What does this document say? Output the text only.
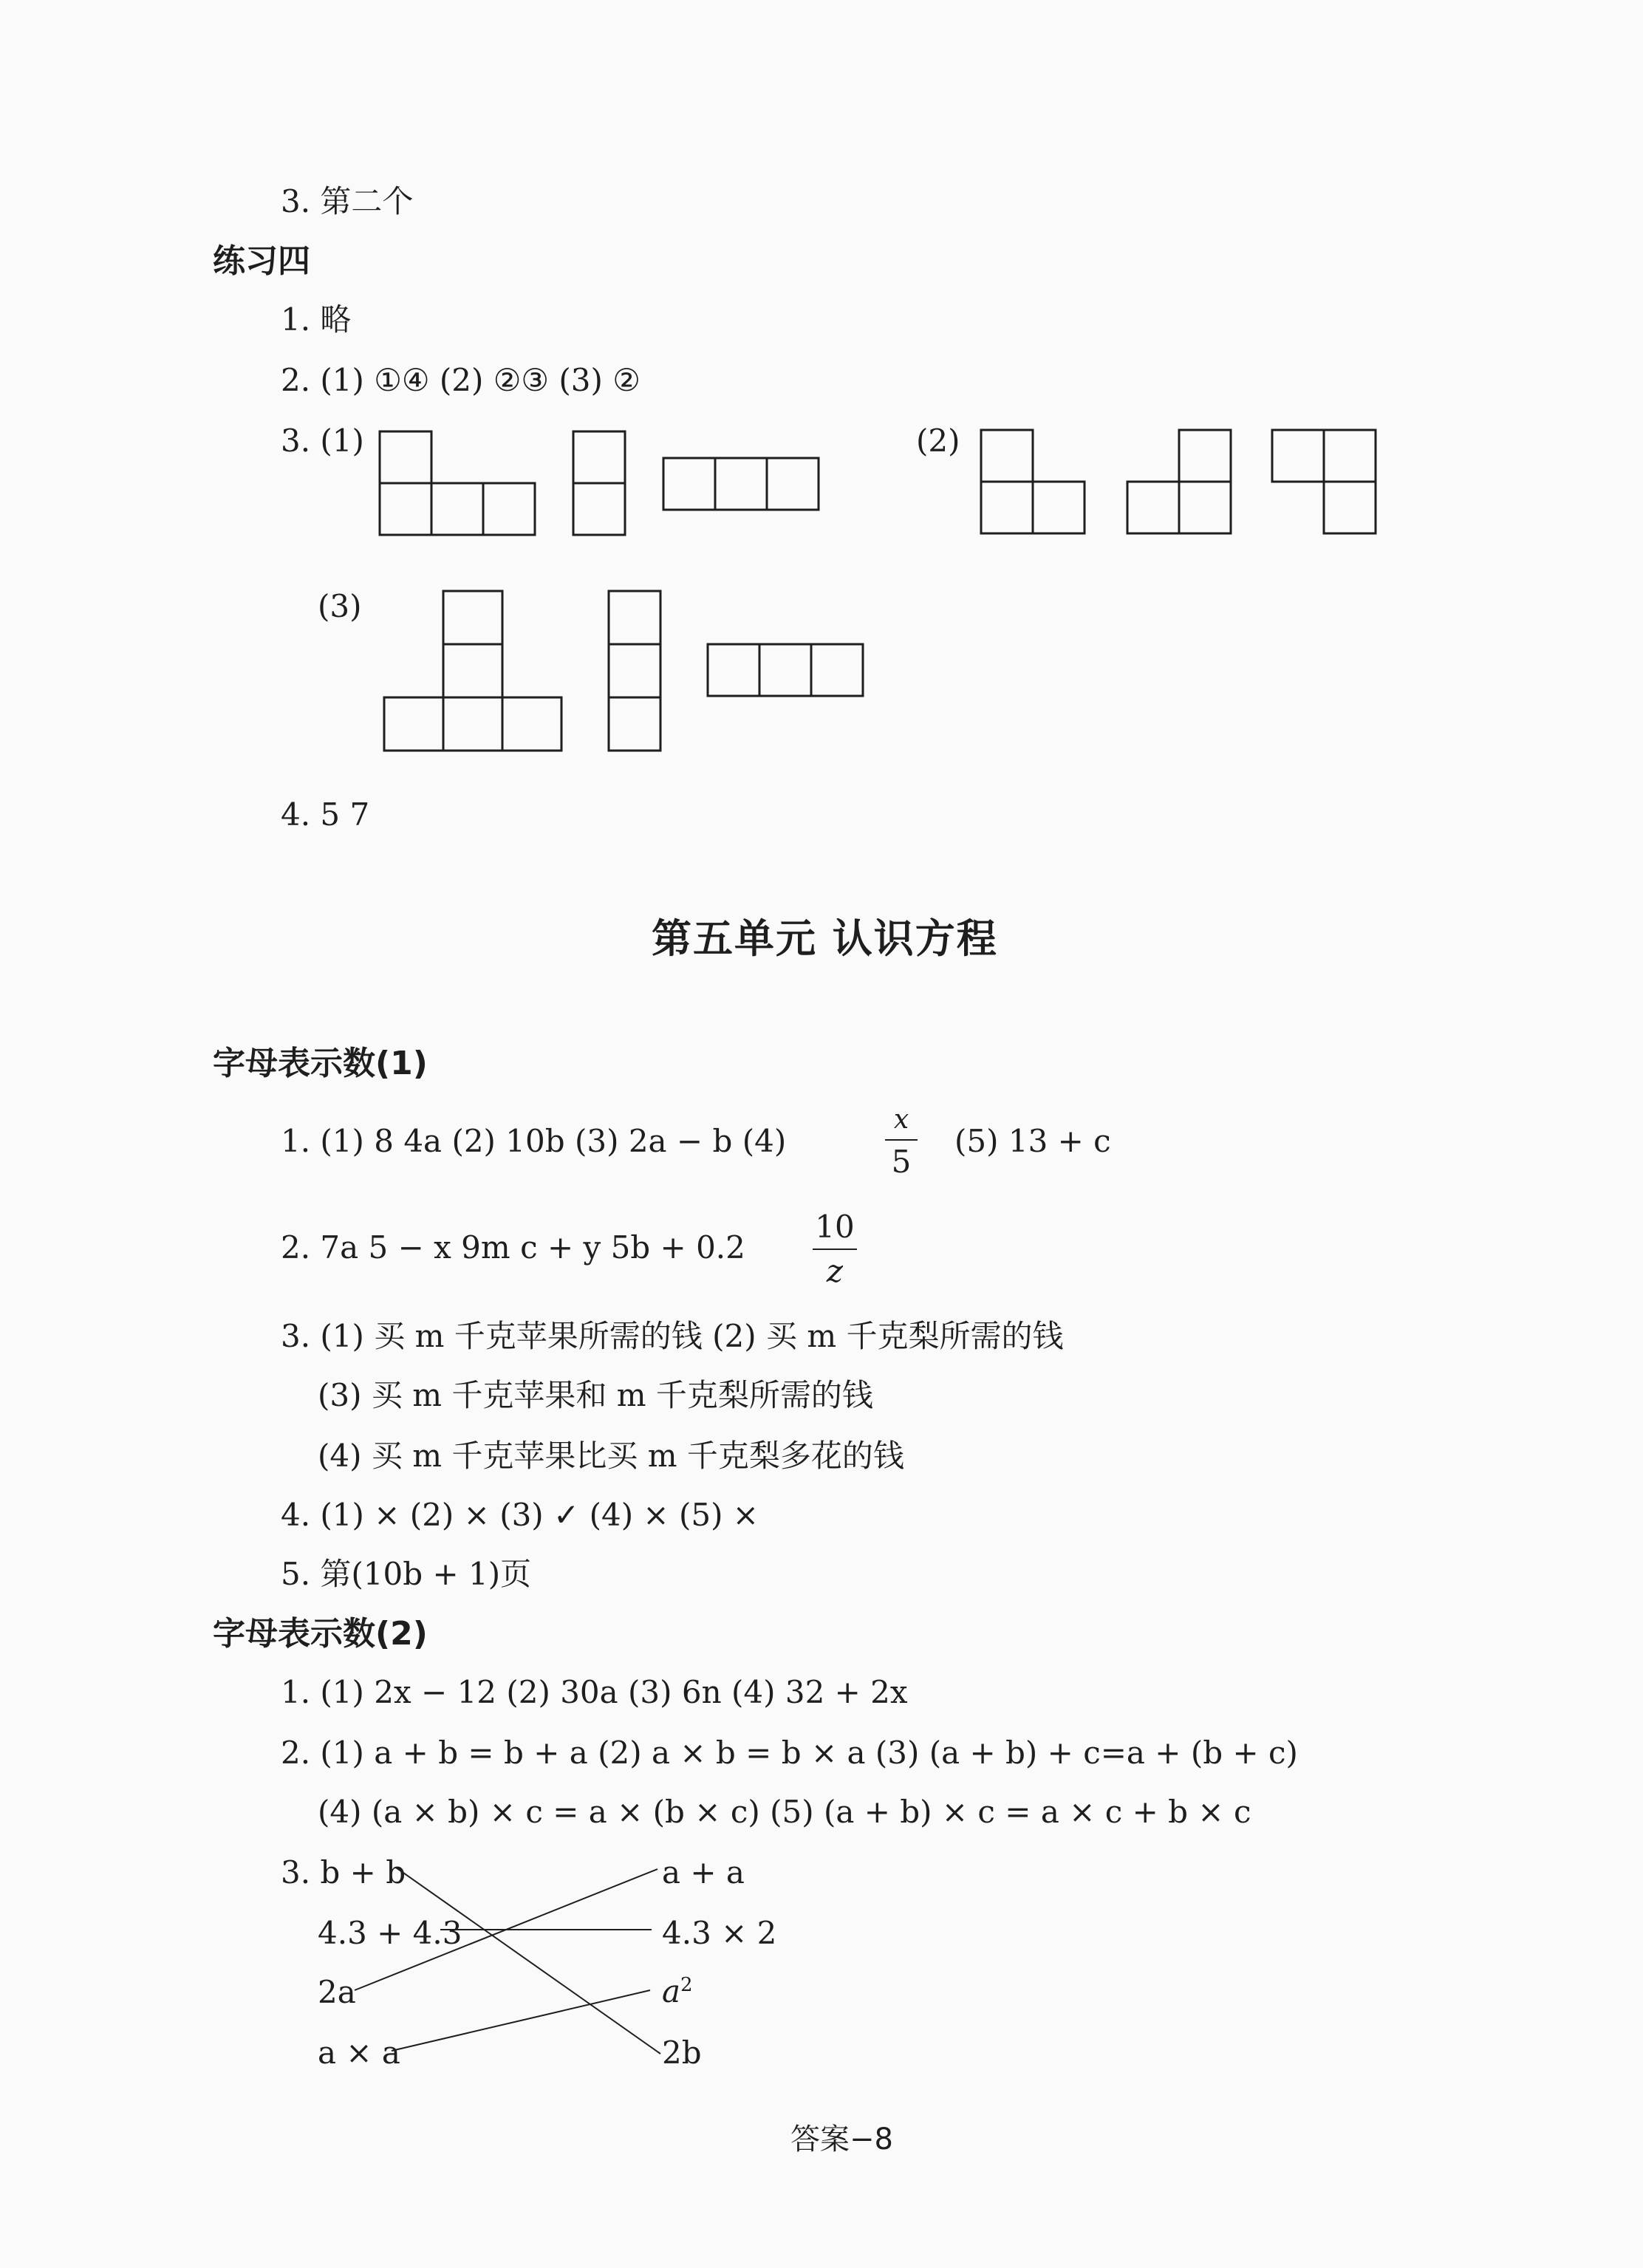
3. 第二个
练习四
1. 略
2. (1) ①④ (2) ②③ (3) ②
3. (1)	(2)
(3)
4. 5 7
第五单元 认识方程
字母表示数(1)
1. (1) 8 4a (2) 10b (3) 2a − b (4)
x
5
(5) 13 + c
2. 7a 5 − x 9m c + y 5b + 0.2
10
z
3. (1) 买 m 千克苹果所需的钱 (2) 买 m 千克梨所需的钱
(3) 买 m 千克苹果和 m 千克梨所需的钱
(4) 买 m 千克苹果比买 m 千克梨多花的钱
4. (1) × (2) × (3) ✓ (4) × (5) ×
5. 第(10b + 1)页
字母表示数(2)
1. (1) 2x − 12 (2) 30a (3) 6n (4) 32 + 2x
2. (1) a + b = b + a (2) a × b = b × a (3) (a + b) + c=a + (b + c)
(4) (a × b) × c = a × (b × c) (5) (a + b) × c = a × c + b × c
3. b + b
4.3 + 4.3
2a
a × a
a + a
4.3 × 2
$a^2$
2b
答案−8
